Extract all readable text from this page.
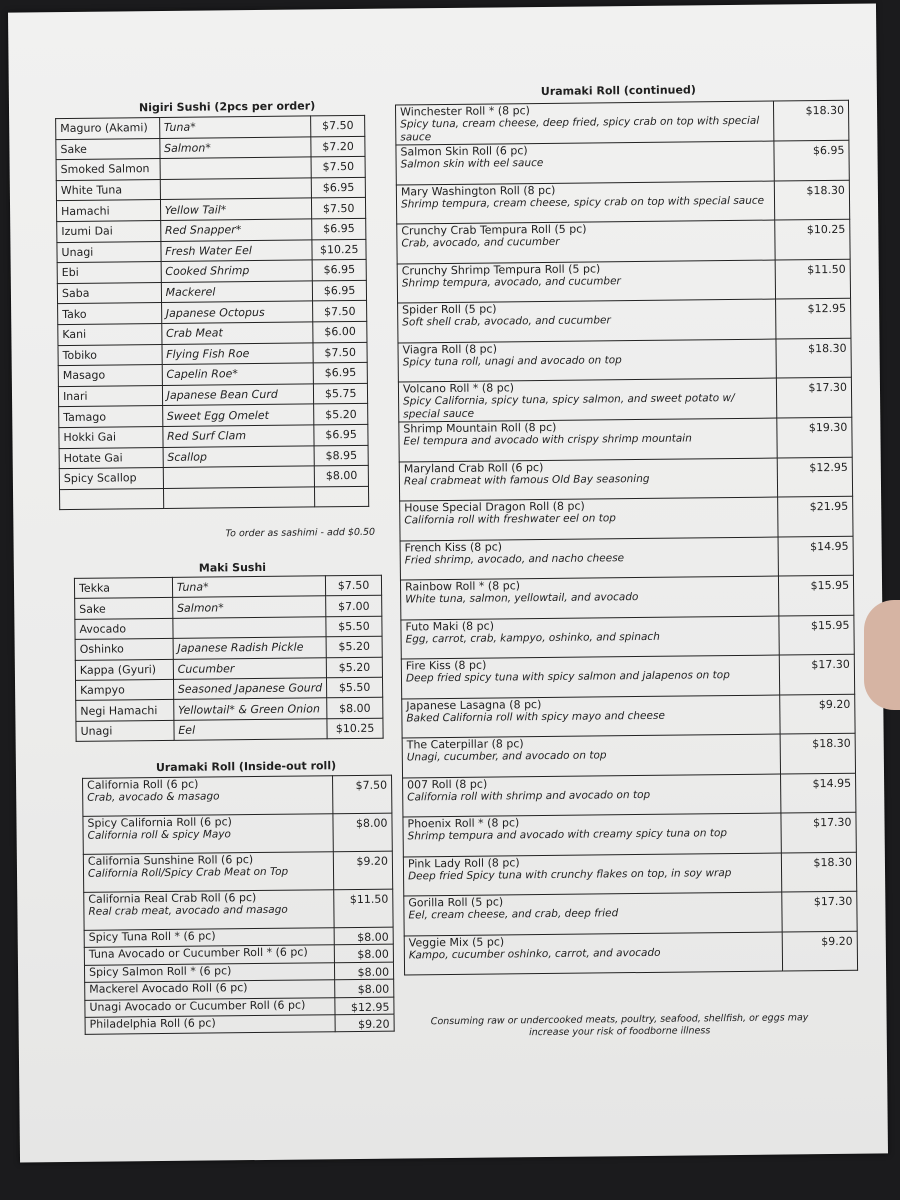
Nigiri Sushi (2pcs per order)
Maguro (Akami)	Tuna*	$7.50
Sake	Salmon*	$7.20
Smoked Salmon		$7.50
White Tuna		$6.95
Hamachi	Yellow Tail*	$7.50
Izumi Dai	Red Snapper*	$6.95
Unagi	Fresh Water Eel	$10.25
Ebi	Cooked Shrimp	$6.95
Saba	Mackerel	$6.95
Tako	Japanese Octopus	$7.50
Kani	Crab Meat	$6.00
Tobiko	Flying Fish Roe	$7.50
Masago	Capelin Roe*	$6.95
Inari	Japanese Bean Curd	$5.75
Tamago	Sweet Egg Omelet	$5.20
Hokki Gai	Red Surf Clam	$6.95
Hotate Gai	Scallop	$8.95
Spicy Scallop		$8.00

To order as sashimi - add $0.50
Maki Sushi
Tekka	Tuna*	$7.50
Sake	Salmon*	$7.00
Avocado		$5.50
Oshinko	Japanese Radish Pickle	$5.20
Kappa (Gyuri)	Cucumber	$5.20
Kampyo	Seasoned Japanese Gourd	$5.50
Negi Hamachi	Yellowtail* & Green Onion	$8.00
Unagi	Eel	$10.25
Uramaki Roll (Inside-out roll)
California Roll (6 pc)
Crab, avocado & masago	$7.50

Spicy California Roll (6 pc)
California roll & spicy Mayo	$8.00

California Sunshine Roll (6 pc)
California Roll/Spicy Crab Meat on Top	$9.20

California Real Crab Roll (6 pc)
Real crab meat, avocado and masago	$11.50

Spicy Tuna Roll * (6 pc)	$8.00

Tuna Avocado or Cucumber Roll * (6 pc)	$8.00

Spicy Salmon Roll * (6 pc)	$8.00

Mackerel Avocado Roll (6 pc)	$8.00

Unagi Avocado or Cucumber Roll (6 pc)	$12.95

Philadelphia Roll (6 pc)	$9.20
Uramaki Roll (continued)
Winchester Roll * (8 pc)
Spicy tuna, cream cheese, deep fried, spicy crab on top with special sauce	$18.30

Salmon Skin Roll (6 pc)
Salmon skin with eel sauce	$6.95

Mary Washington Roll (8 pc)
Shrimp tempura, cream cheese, spicy crab on top with special sauce	$18.30

Crunchy Crab Tempura Roll (5 pc)
Crab, avocado, and cucumber	$10.25

Crunchy Shrimp Tempura Roll (5 pc)
Shrimp tempura, avocado, and cucumber	$11.50

Spider Roll (5 pc)
Soft shell crab, avocado, and cucumber	$12.95

Viagra Roll (8 pc)
Spicy tuna roll, unagi and avocado on top	$18.30

Volcano Roll * (8 pc)
Spicy California, spicy tuna, spicy salmon, and sweet potato w/ special sauce	$17.30

Shrimp Mountain Roll (8 pc)
Eel tempura and avocado with crispy shrimp mountain	$19.30

Maryland Crab Roll (6 pc)
Real crabmeat with famous Old Bay seasoning	$12.95

House Special Dragon Roll (8 pc)
California roll with freshwater eel on top	$21.95

French Kiss (8 pc)
Fried shrimp, avocado, and nacho cheese	$14.95

Rainbow Roll * (8 pc)
White tuna, salmon, yellowtail, and avocado	$15.95

Futo Maki (8 pc)
Egg, carrot, crab, kampyo, oshinko, and spinach	$15.95

Fire Kiss (8 pc)
Deep fried spicy tuna with spicy salmon and jalapenos on top	$17.30

Japanese Lasagna (8 pc)
Baked California roll with spicy mayo and cheese	$9.20

The Caterpillar (8 pc)
Unagi, cucumber, and avocado on top	$18.30

007 Roll (8 pc)
California roll with shrimp and avocado on top	$14.95

Phoenix Roll * (8 pc)
Shrimp tempura and avocado with creamy spicy tuna on top	$17.30

Pink Lady Roll (8 pc)
Deep fried Spicy tuna with crunchy flakes on top, in soy wrap	$18.30

Gorilla Roll (5 pc)
Eel, cream cheese, and crab, deep fried	$17.30

Veggie Mix (5 pc)
Kampo, cucumber oshinko, carrot, and avocado	$9.20
Consuming raw or undercooked meats, poultry, seafood, shellfish, or eggs may increase your risk of foodborne illness
